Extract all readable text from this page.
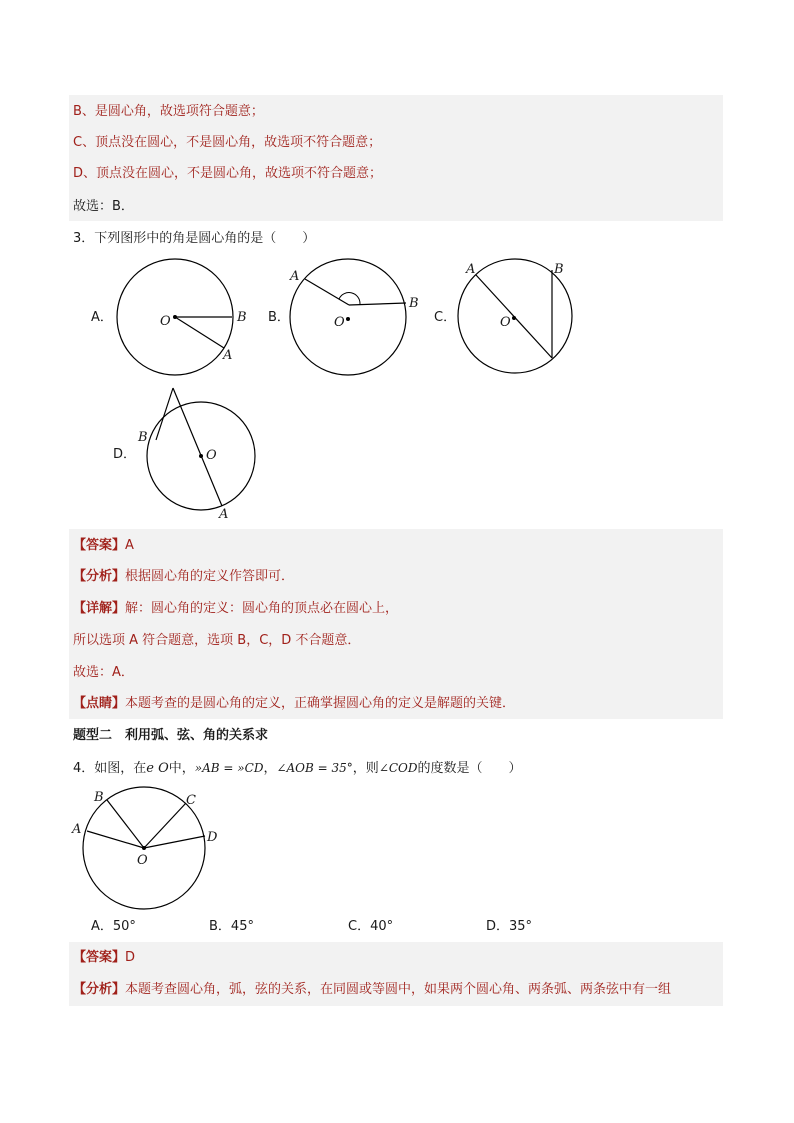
B、是圆心角，故选项符合题意；
C、顶点没在圆心，不是圆心角，故选项不符合题意；
D、顶点没在圆心，不是圆心角，故选项不符合题意；
故选：B．
3．下列图形中的角是圆心角的是（　　）
A．	B．	C．
D．
O	B
A
A
B
O
A	B
O
B
O
A
【答案】A
【分析】根据圆心角的定义作答即可．
【详解】解：圆心角的定义：圆心角的顶点必在圆心上，
所以选项 A 符合题意，选项 B，C，D 不合题意．
故选：A．
【点睛】本题考查的是圆心角的定义，正确掌握圆心角的定义是解题的关键．
题型二　利用弧、弦、角的关系求
4．如图，在e O中，»AB = »CD，∠AOB = 35°，则∠COD的度数是（　　）
A
B	C
D
O
A．50°	B．45°	C．40°	D．35°
【答案】D
【分析】本题考查圆心角，弧，弦的关系，在同圆或等圆中，如果两个圆心角、两条弧、两条弦中有一组
